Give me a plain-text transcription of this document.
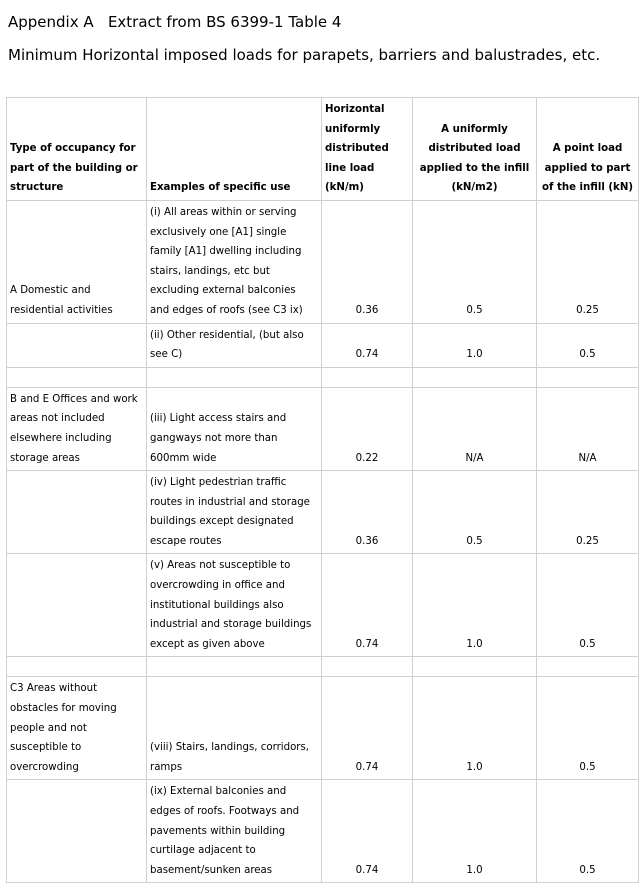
Appendix A   Extract from BS 6399-1 Table 4
Minimum Horizontal imposed loads for parapets, barriers and balustrades, etc.
Type of occupancy for part of the building or structure	Examples of specific use	Horizontal uniformly distributed line load (kN/m)	A uniformly distributed load applied to the infill (kN/m2)	A point load applied to part of the infill (kN)
A Domestic and residential activities	(i) All areas within or serving exclusively one [A1] single family [A1] dwelling including stairs, landings, etc but excluding external balconies and edges of roofs (see C3 ix)	0.36	0.5	0.25
	(ii) Other residential, (but also see C)	0.74	1.0	0.5

B and E Offices and work areas not included elsewhere including storage areas	(iii) Light access stairs and gangways not more than 600mm wide	0.22	N/A	N/A
	(iv) Light pedestrian traffic routes in industrial and storage buildings except designated escape routes	0.36	0.5	0.25
	(v) Areas not susceptible to overcrowding in office and institutional buildings also industrial and storage buildings except as given above	0.74	1.0	0.5

C3 Areas without obstacles for moving people and not susceptible to overcrowding	(viii) Stairs, landings, corridors, ramps	0.74	1.0	0.5
	(ix) External balconies and edges of roofs. Footways and pavements within building curtilage adjacent to basement/sunken areas	0.74	1.0	0.5
